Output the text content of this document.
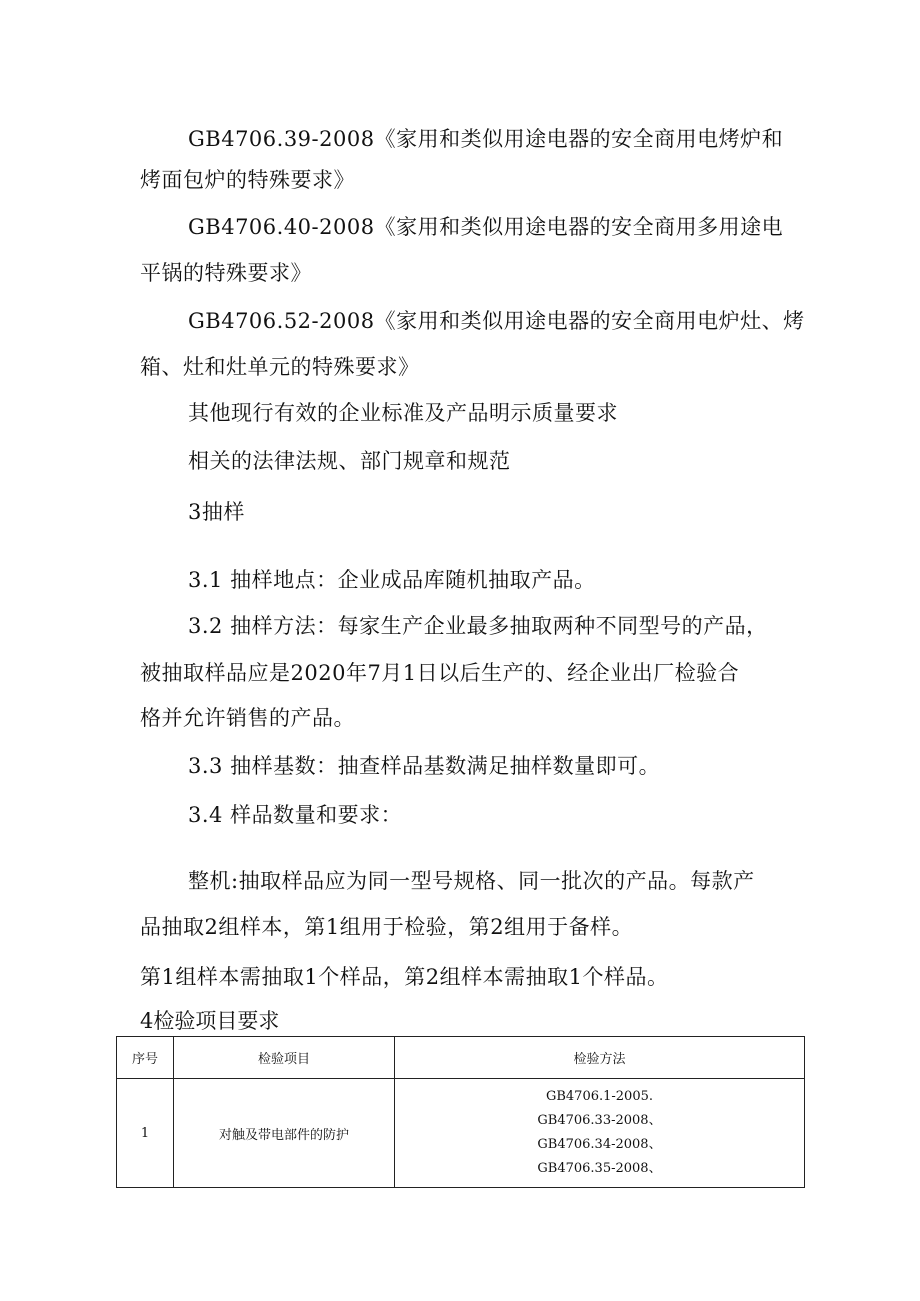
GB4706.39-2008《家用和类似用途电器的安全商用电烤炉和
烤面包炉的特殊要求》
GB4706.40-2008《家用和类似用途电器的安全商用多用途电
平锅的特殊要求》
GB4706.52-2008《家用和类似用途电器的安全商用电炉灶、烤
箱、灶和灶单元的特殊要求》
其他现行有效的企业标准及产品明示质量要求
相关的法律法规、部门规章和规范
3抽样
3.1 抽样地点：企业成品库随机抽取产品。
3.2 抽样方法：每家生产企业最多抽取两种不同型号的产品，
被抽取样品应是2020年7月1日以后生产的、经企业出厂检验合
格并允许销售的产品。
3.3 抽样基数：抽查样品基数满足抽样数量即可。
3.4 样品数量和要求：
整机:抽取样品应为同一型号规格、同一批次的产品。每款产
品抽取2组样本，第1组用于检验，第2组用于备样。
第1组样本需抽取1个样品，第2组样本需抽取1个样品。
4检验项目要求
序号	检验项目	检验方法
1	对触及带电部件的防护	GB4706.1-2005.
GB4706.33-2008、
GB4706.34-2008、
GB4706.35-2008、
